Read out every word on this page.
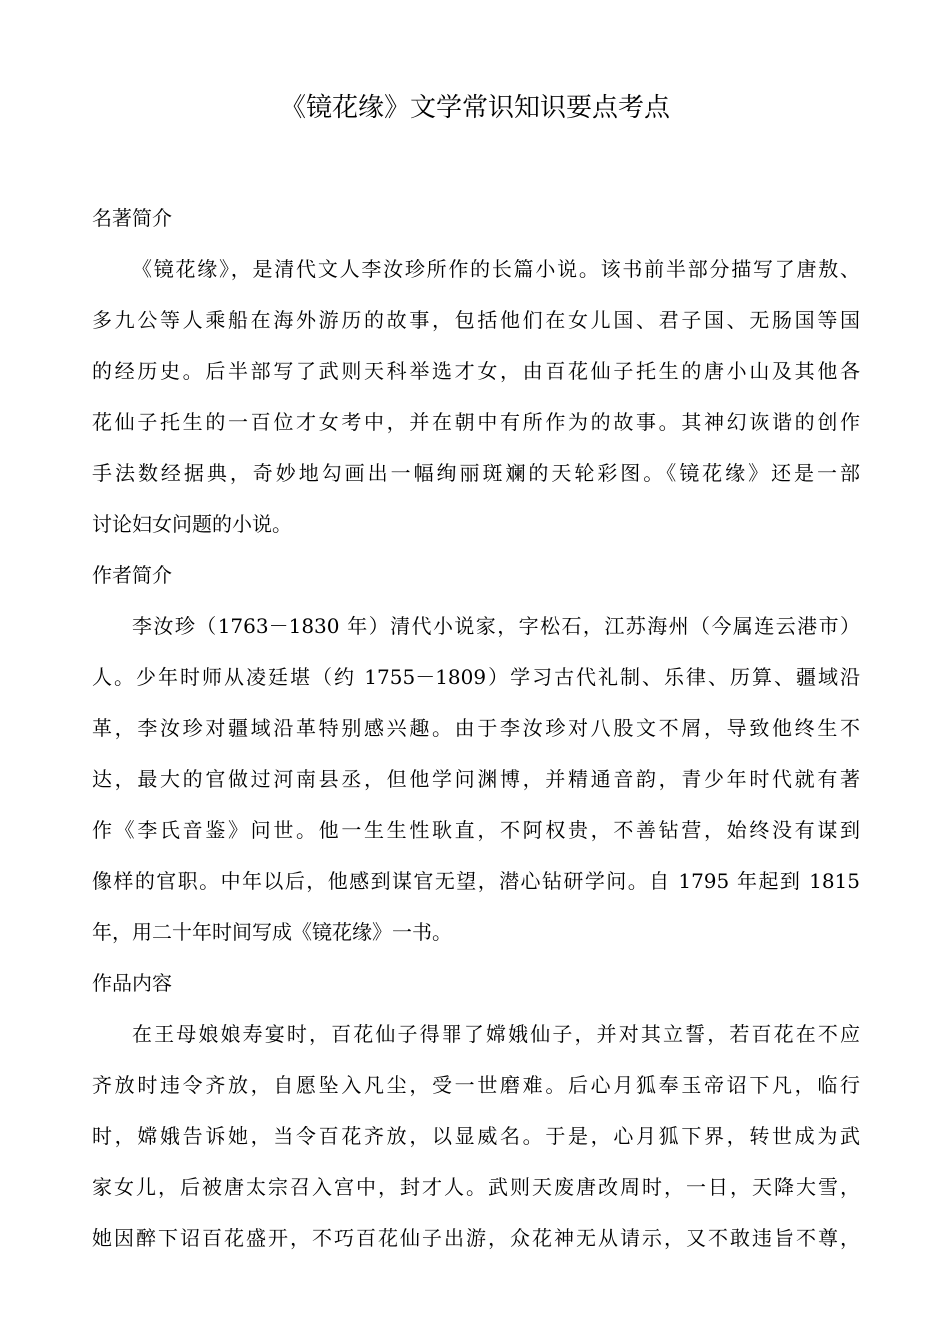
《镜花缘》文学常识知识要点考点
名著简介
《镜花缘》，是清代文人李汝珍所作的长篇小说。该书前半部分描写了唐敖、
多九公等人乘船在海外游历的故事，包括他们在女儿国、君子国、无肠国等国
的经历史。后半部写了武则天科举选才女，由百花仙子托生的唐小山及其他各
花仙子托生的一百位才女考中，并在朝中有所作为的故事。其神幻诙谐的创作
手法数经据典，奇妙地勾画出一幅绚丽斑斓的天轮彩图。《镜花缘》还是一部
讨论妇女问题的小说。
作者简介
李汝珍（1763－1830 年）清代小说家，字松石，江苏海州（今属连云港市）
人。少年时师从凌廷堪（约 1755－1809）学习古代礼制、乐律、历算、疆域沿
革，李汝珍对疆域沿革特别感兴趣。由于李汝珍对八股文不屑，导致他终生不
达，最大的官做过河南县丞，但他学问渊博，并精通音韵，青少年时代就有著
作《李氏音鉴》问世。他一生生性耿直，不阿权贵，不善钻营，始终没有谋到
像样的官职。中年以后，他感到谋官无望，潜心钻研学问。自 1795 年起到 1815
年，用二十年时间写成《镜花缘》一书。
作品内容
在王母娘娘寿宴时，百花仙子得罪了嫦娥仙子，并对其立誓，若百花在不应
齐放时违令齐放，自愿坠入凡尘，受一世磨难。后心月狐奉玉帝诏下凡，临行
时，嫦娥告诉她，当令百花齐放，以显威名。于是，心月狐下界，转世成为武
家女儿，后被唐太宗召入宫中，封才人。武则天废唐改周时，一日，天降大雪，
她因醉下诏百花盛开，不巧百花仙子出游，众花神无从请示，又不敢违旨不尊，
